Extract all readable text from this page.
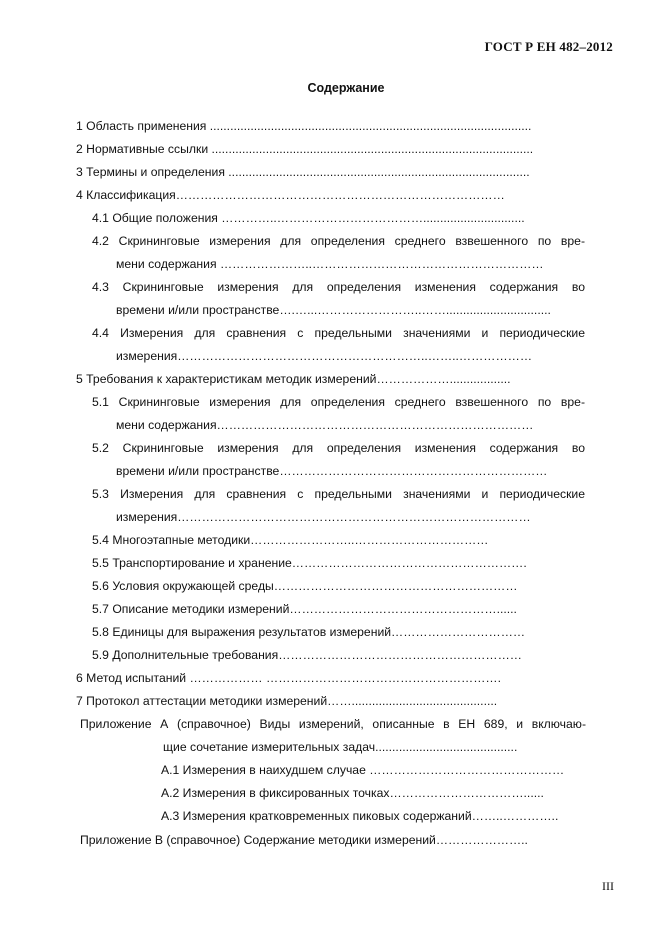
ГОСТ Р ЕН 482–2012
Содержание
1 Область применения ...............................................................................................
2 Нормативные ссылки ...............................................................................................
3 Термины и определения .........................................................................................
4 Классификация………………………………………………………………………
4.1 Общие положения …………..………………………………..............................
4.2 Скрининговые измерения для определения среднего взвешенного по вре-
мени содержания …………………..…………………………………………………
4.3 Скрининговые измерения для определения изменения содержания во
времени и/или пространстве….…...……………………..……...............................
4.4 Измерения для сравнения с предельными значениями и периодические
измерения……………………………………………………..……..………………
5 Требования к характеристикам методик измерений………………..................
5.1 Скрининговые измерения для определения среднего взвешенного по вре-
мени содержания……………………………………………………………………
5.2 Скрининговые измерения для определения изменения содержания во
времени и/или пространстве…………………………………………………………
5.3 Измерения для сравнения с предельными значениями и периодические
измерения……………………………………………………………………………
5.4 Многоэтапные методики……………………..……………………………
5.5 Транспортирование и хранение………………………………………………….
5.6 Условия окружающей среды……………………………………………………
5.7 Описание методики измерений……………………………………………......
5.8 Единицы для выражения результатов измерений……………………………
5.9 Дополнительные требования……………………………………………………
6 Метод испытаний ……………… ………………………………………………….
7 Протокол аттестации методики измерений……...........................................
Приложение А (справочное) Виды измерений, описанные в ЕН 689, и включаю-
щие сочетание измерительных задач..........................................
А.1 Измерения в наихудшем случае …………………………………………
А.2 Измерения в фиксированных точках……………………………......
А.3 Измерения кратковременных пиковых содержаний……..…………..
Приложение В (справочное) Содержание методики измерений…………………..
III
